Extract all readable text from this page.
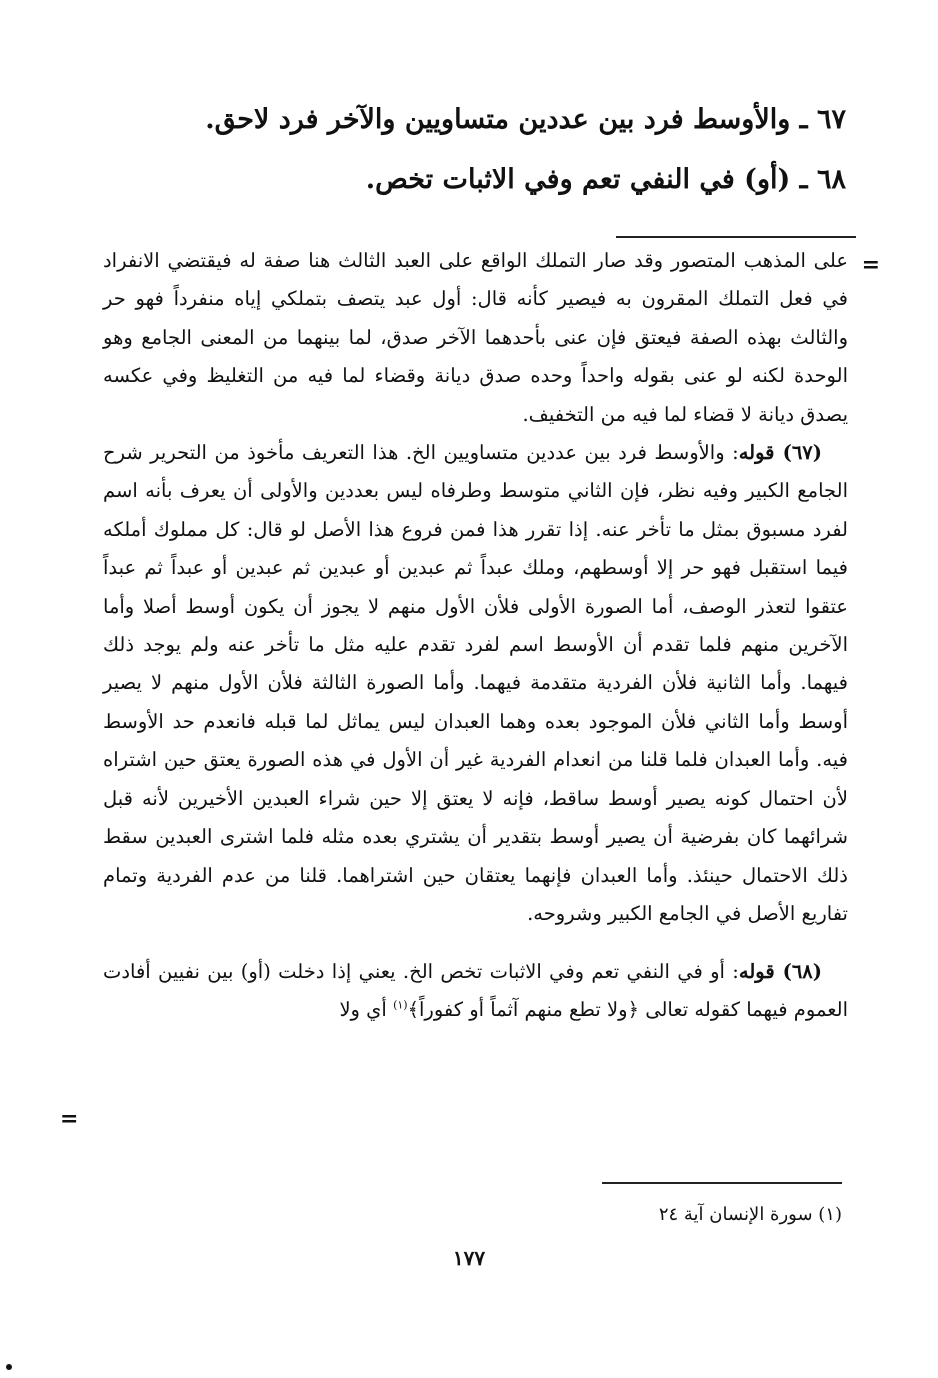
٦٧ ـ والأوسط فرد بين عددين متساويين والآخر فرد لاحق.
٦٨ ـ (أو) في النفي تعم وفي الاثبات تخص.
=

على المذهب المتصور وقد صار التملك الواقع على العبد الثالث هنا صفة له فيقتضي الانفراد في فعل التملك المقرون به فيصير كأنه قال: أول عبد يتصف بتملكي إياه منفرداً فهو حر والثالث بهذه الصفة فيعتق فإن عنى بأحدهما الآخر صدق، لما بينهما من المعنى الجامع وهو الوحدة لكنه لو عنى بقوله واحداً وحده صدق ديانة وقضاء لما فيه من التغليظ وفي عكسه يصدق ديانة لا قضاء لما فيه من التخفيف.

(٦٧) قوله: والأوسط فرد بين عددين متساويين الخ. هذا التعريف مأخوذ من التحرير شرح الجامع الكبير وفيه نظر، فإن الثاني متوسط وطرفاه ليس بعددين والأولى أن يعرف بأنه اسم لفرد مسبوق بمثل ما تأخر عنه. إذا تقرر هذا فمن فروع هذا الأصل لو قال: كل مملوك أملكه فيما استقبل فهو حر إلا أوسطهم، وملك عبداً ثم عبدين أو عبدين ثم عبدين أو عبداً ثم عبداً عتقوا لتعذر الوصف، أما الصورة الأولى فلأن الأول منهم لا يجوز أن يكون أوسط أصلا وأما الآخرين منهم فلما تقدم أن الأوسط اسم لفرد تقدم عليه مثل ما تأخر عنه ولم يوجد ذلك فيهما. وأما الثانية فلأن الفردية متقدمة فيهما. وأما الصورة الثالثة فلأن الأول منهم لا يصير أوسط وأما الثاني فلأن الموجود بعده وهما العبدان ليس يماثل لما قبله فانعدم حد الأوسط فيه. وأما العبدان فلما قلنا من انعدام الفردية غير أن الأول في هذه الصورة يعتق حين اشتراه لأن احتمال كونه يصير أوسط ساقط، فإنه لا يعتق إلا حين شراء العبدين الأخيرين لأنه قبل شرائهما كان بفرضية أن يصير أوسط بتقدير أن يشتري بعده مثله فلما اشترى العبدين سقط ذلك الاحتمال حينئذ. وأما العبدان فإنهما يعتقان حين اشتراهما. قلنا من عدم الفردية وتمام تفاريع الأصل في الجامع الكبير وشروحه.

(٦٨) قوله: أو في النفي تعم وفي الاثبات تخص الخ. يعني إذا دخلت (أو) بين نفيين أفادت العموم فيهما كقوله تعالى ﴿ولا تطع منهم آثماً أو كفوراً﴾$^{(١)}$ أي ولا

=
(١) سورة الإنسان آية ٢٤
١٧٧
